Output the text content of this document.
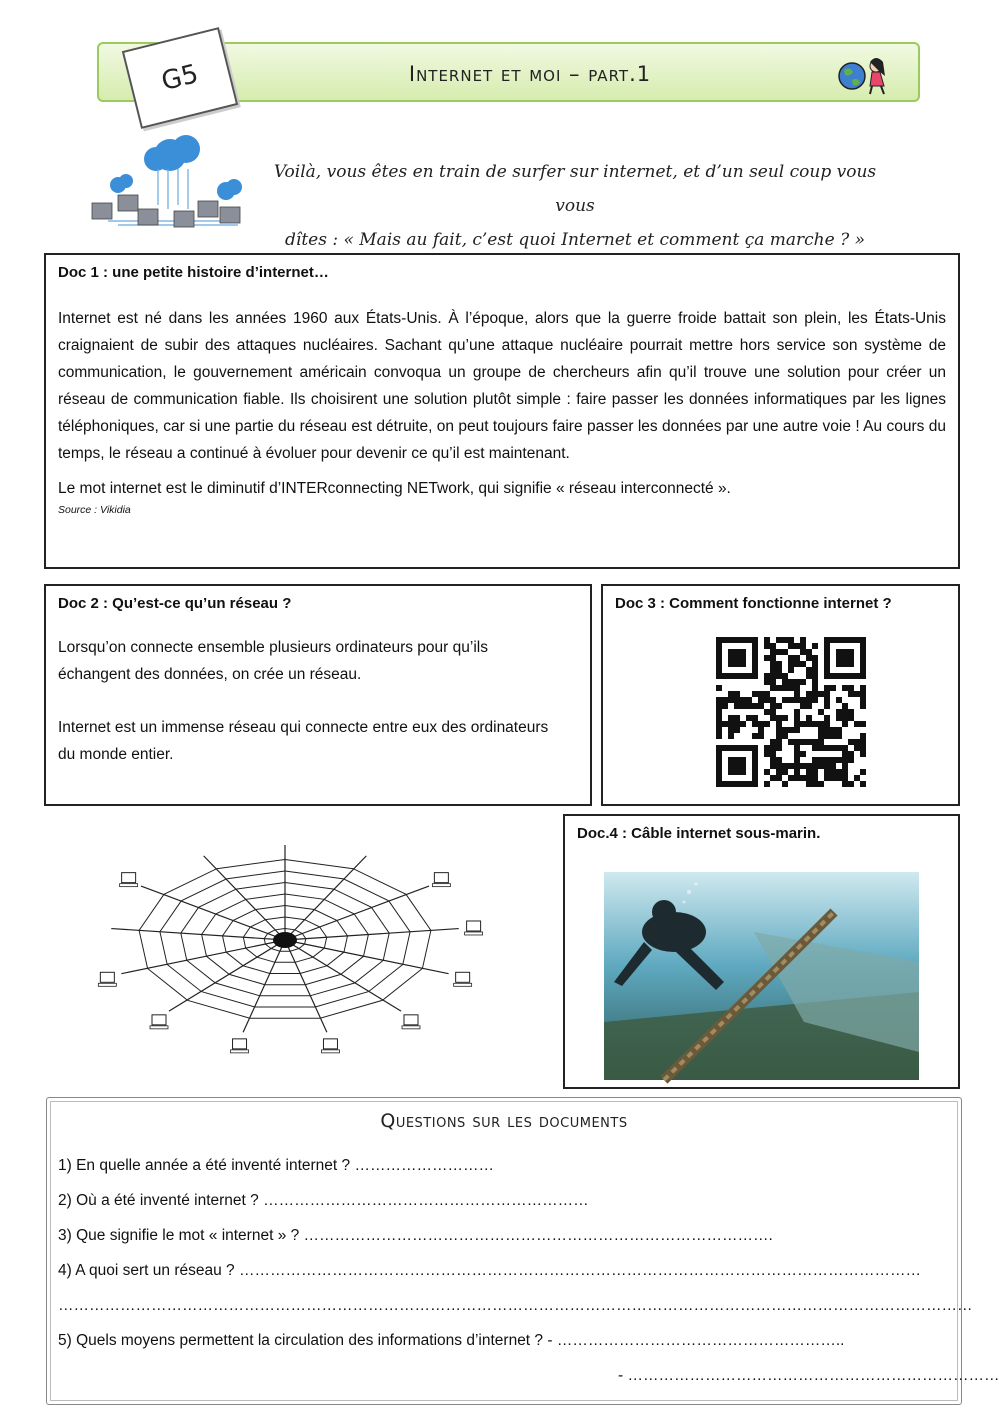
Internet et moi – part.1
G5
Voilà, vous êtes en train de surfer sur internet, et d’un seul coup vous vous
dîtes : « Mais au fait, c’est quoi Internet et comment ça marche ? »
Doc 1 : une petite histoire d’internet…
Internet est né dans les années 1960 aux États-Unis. À l’époque, alors que la guerre froide battait son plein, les États-Unis craignaient de subir des attaques nucléaires. Sachant qu’une attaque nucléaire pourrait mettre hors service son système de communication, le gouvernement américain convoqua un groupe de chercheurs afin qu’il trouve une solution pour créer un réseau de communication fiable. Ils choisirent une solution plutôt simple : faire passer les données informatiques par les lignes téléphoniques, car si une partie du réseau est détruite, on peut toujours faire passer les données par une autre voie ! Au cours du temps, le réseau a continué à évoluer pour devenir ce qu’il est maintenant.
Le mot internet est le diminutif d’INTERconnecting NETwork, qui signifie « réseau interconnecté ».
Source : Vikidia
Doc 2 : Qu’est-ce qu’un réseau ?
Lorsqu’on connecte ensemble plusieurs ordinateurs pour qu’ils échangent des données, on crée un réseau.
Internet est un immense réseau qui connecte entre eux des ordinateurs du monde entier.
Doc 3 : Comment fonctionne internet ?
Doc.4 : Câble internet sous-marin.
Questions sur les documents
1) En quelle année a été inventé internet ? ………………………
2) Où a été inventé internet ? ………………………………………………………
3) Que signifie le mot « internet » ? ……………………………………………………………………………….
4) A quoi sert un réseau ? ……………………………………………………………………………………………………………………
……………………………………………………………………………………………………………………………………………………………
5) Quels moyens permettent la circulation des informations d’internet ? - ………………………………………………..
- ………………………………………………………………
